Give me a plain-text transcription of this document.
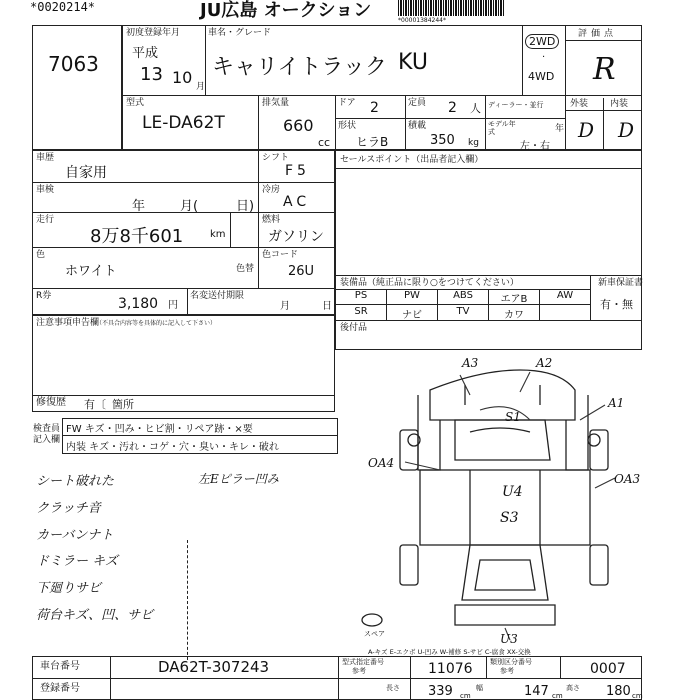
*0020214*	JU広島 オークション	*00001384244*
7063
初度登録年月
平成
13 10 月
車名・グレード
キャリイトラック KU
2WD
·
4WD
評価点
R
外装 内装
D D
型式
LE-DA62T
排気量
660
cc
ドア 2	定員 2 人 ディーラー・並行
形状
ヒラB
積載
350 kg
モデル年式	年
左・右
車歴
自家用
車検
年	月(	日)
走行
8万8千601	km
シフト
F5
冷房
AC
燃料
ガソリン
色
ホワイト	色替
色コード
26U
R券	3,180 円
名変送付期限
月	日
セールスポイント（出品者記入欄）
装備品（純正品に限り○をつけてください）	新車保証書
有・無
PS	PW	ABS	エアB	AW
SR	ナビ	TV	カワ
後付品
注意事項申告欄
（不具合内容等を具体的に記入して下さい）
修復歴 有〔 箇所
検査員記入欄
FW キズ・凹み・ヒビ割・リペア跡・×要
内装 キズ・汚れ・コゲ・穴・臭い・キレ・破れ
シート破れた
クラッチ音
カーバンナト
ドミラー キズ
下廻りサビ
荷台キズ、凹、サビ
左Eピラー凹み
A3	A2
A1
S1
OA4
U4
S3
OA3
U3
スペア
A-キズ E-エクボ U-凹み W-補修 S-サビ C-腐食 XX-交換
車台番号	DA62T-307243	型式指定番号
参考	11076 類別区分番号
参考	0007
登録番号	長さ 339 cm
幅	147 cm
高さ 180 cm
